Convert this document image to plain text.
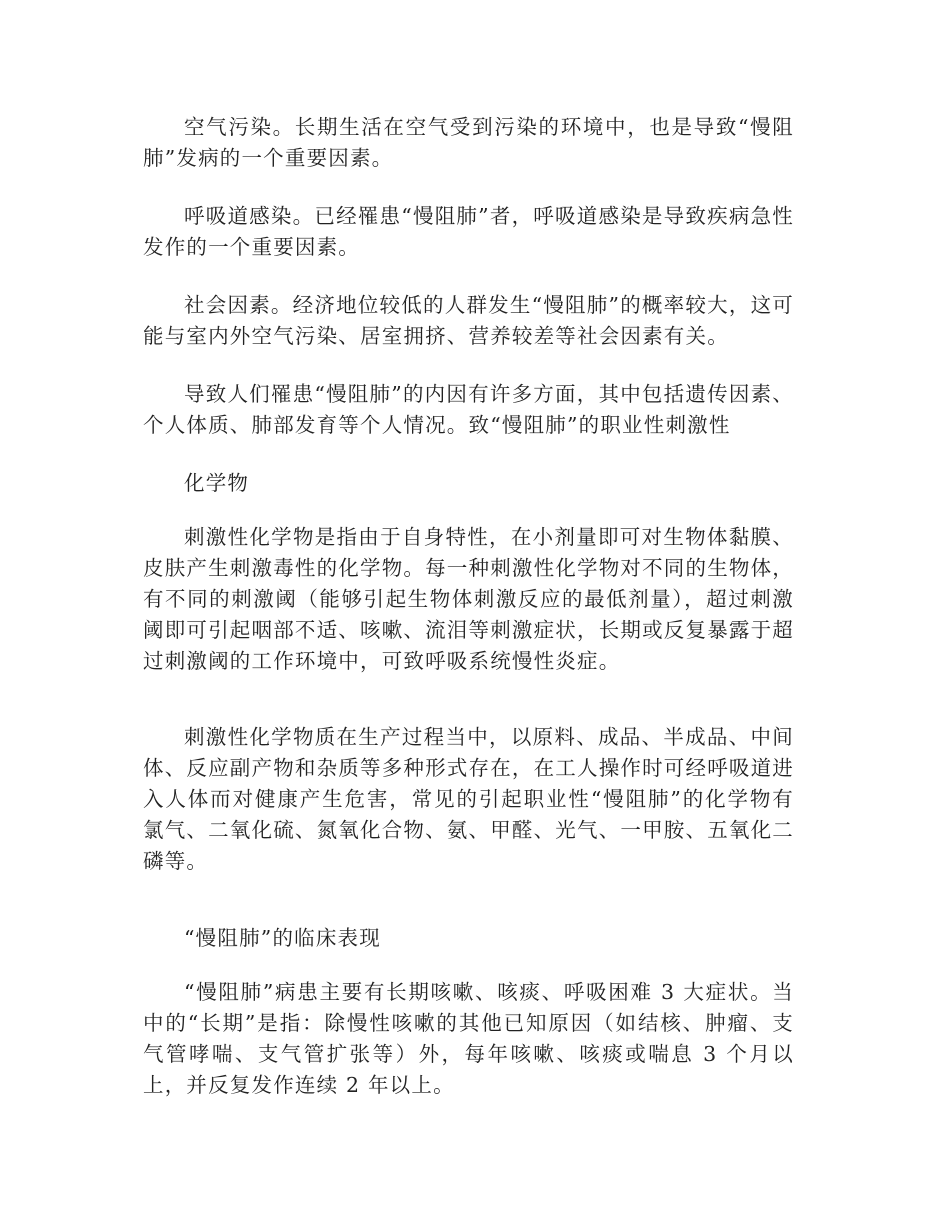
空气污染。长期生活在空气受到污染的环境中，也是导致“慢阻肺”发病的一个重要因素。

呼吸道感染。已经罹患“慢阻肺”者，呼吸道感染是导致疾病急性发作的一个重要因素。

社会因素。经济地位较低的人群发生“慢阻肺”的概率较大，这可能与室内外空气污染、居室拥挤、营养较差等社会因素有关。

导致人们罹患“慢阻肺”的内因有许多方面，其中包括遗传因素、个人体质、肺部发育等个人情况。致“慢阻肺”的职业性刺激性

化学物

刺激性化学物是指由于自身特性，在小剂量即可对生物体黏膜、皮肤产生刺激毒性的化学物。每一种刺激性化学物对不同的生物体，有不同的刺激阈（能够引起生物体刺激反应的最低剂量），超过刺激阈即可引起咽部不适、咳嗽、流泪等刺激症状，长期或反复暴露于超过刺激阈的工作环境中，可致呼吸系统慢性炎症。

刺激性化学物质在生产过程当中，以原料、成品、半成品、中间体、反应副产物和杂质等多种形式存在，在工人操作时可经呼吸道进入人体而对健康产生危害，常见的引起职业性“慢阻肺”的化学物有氯气、二氧化硫、氮氧化合物、氨、甲醛、光气、一甲胺、五氧化二磷等。

“慢阻肺”的临床表现

“慢阻肺”病患主要有长期咳嗽、咳痰、呼吸困难 3 大症状。当中的“长期”是指：除慢性咳嗽的其他已知原因（如结核、肿瘤、支气管哮喘、支气管扩张等）外，每年咳嗽、咳痰或喘息 3 个月以上，并反复发作连续 2 年以上。
